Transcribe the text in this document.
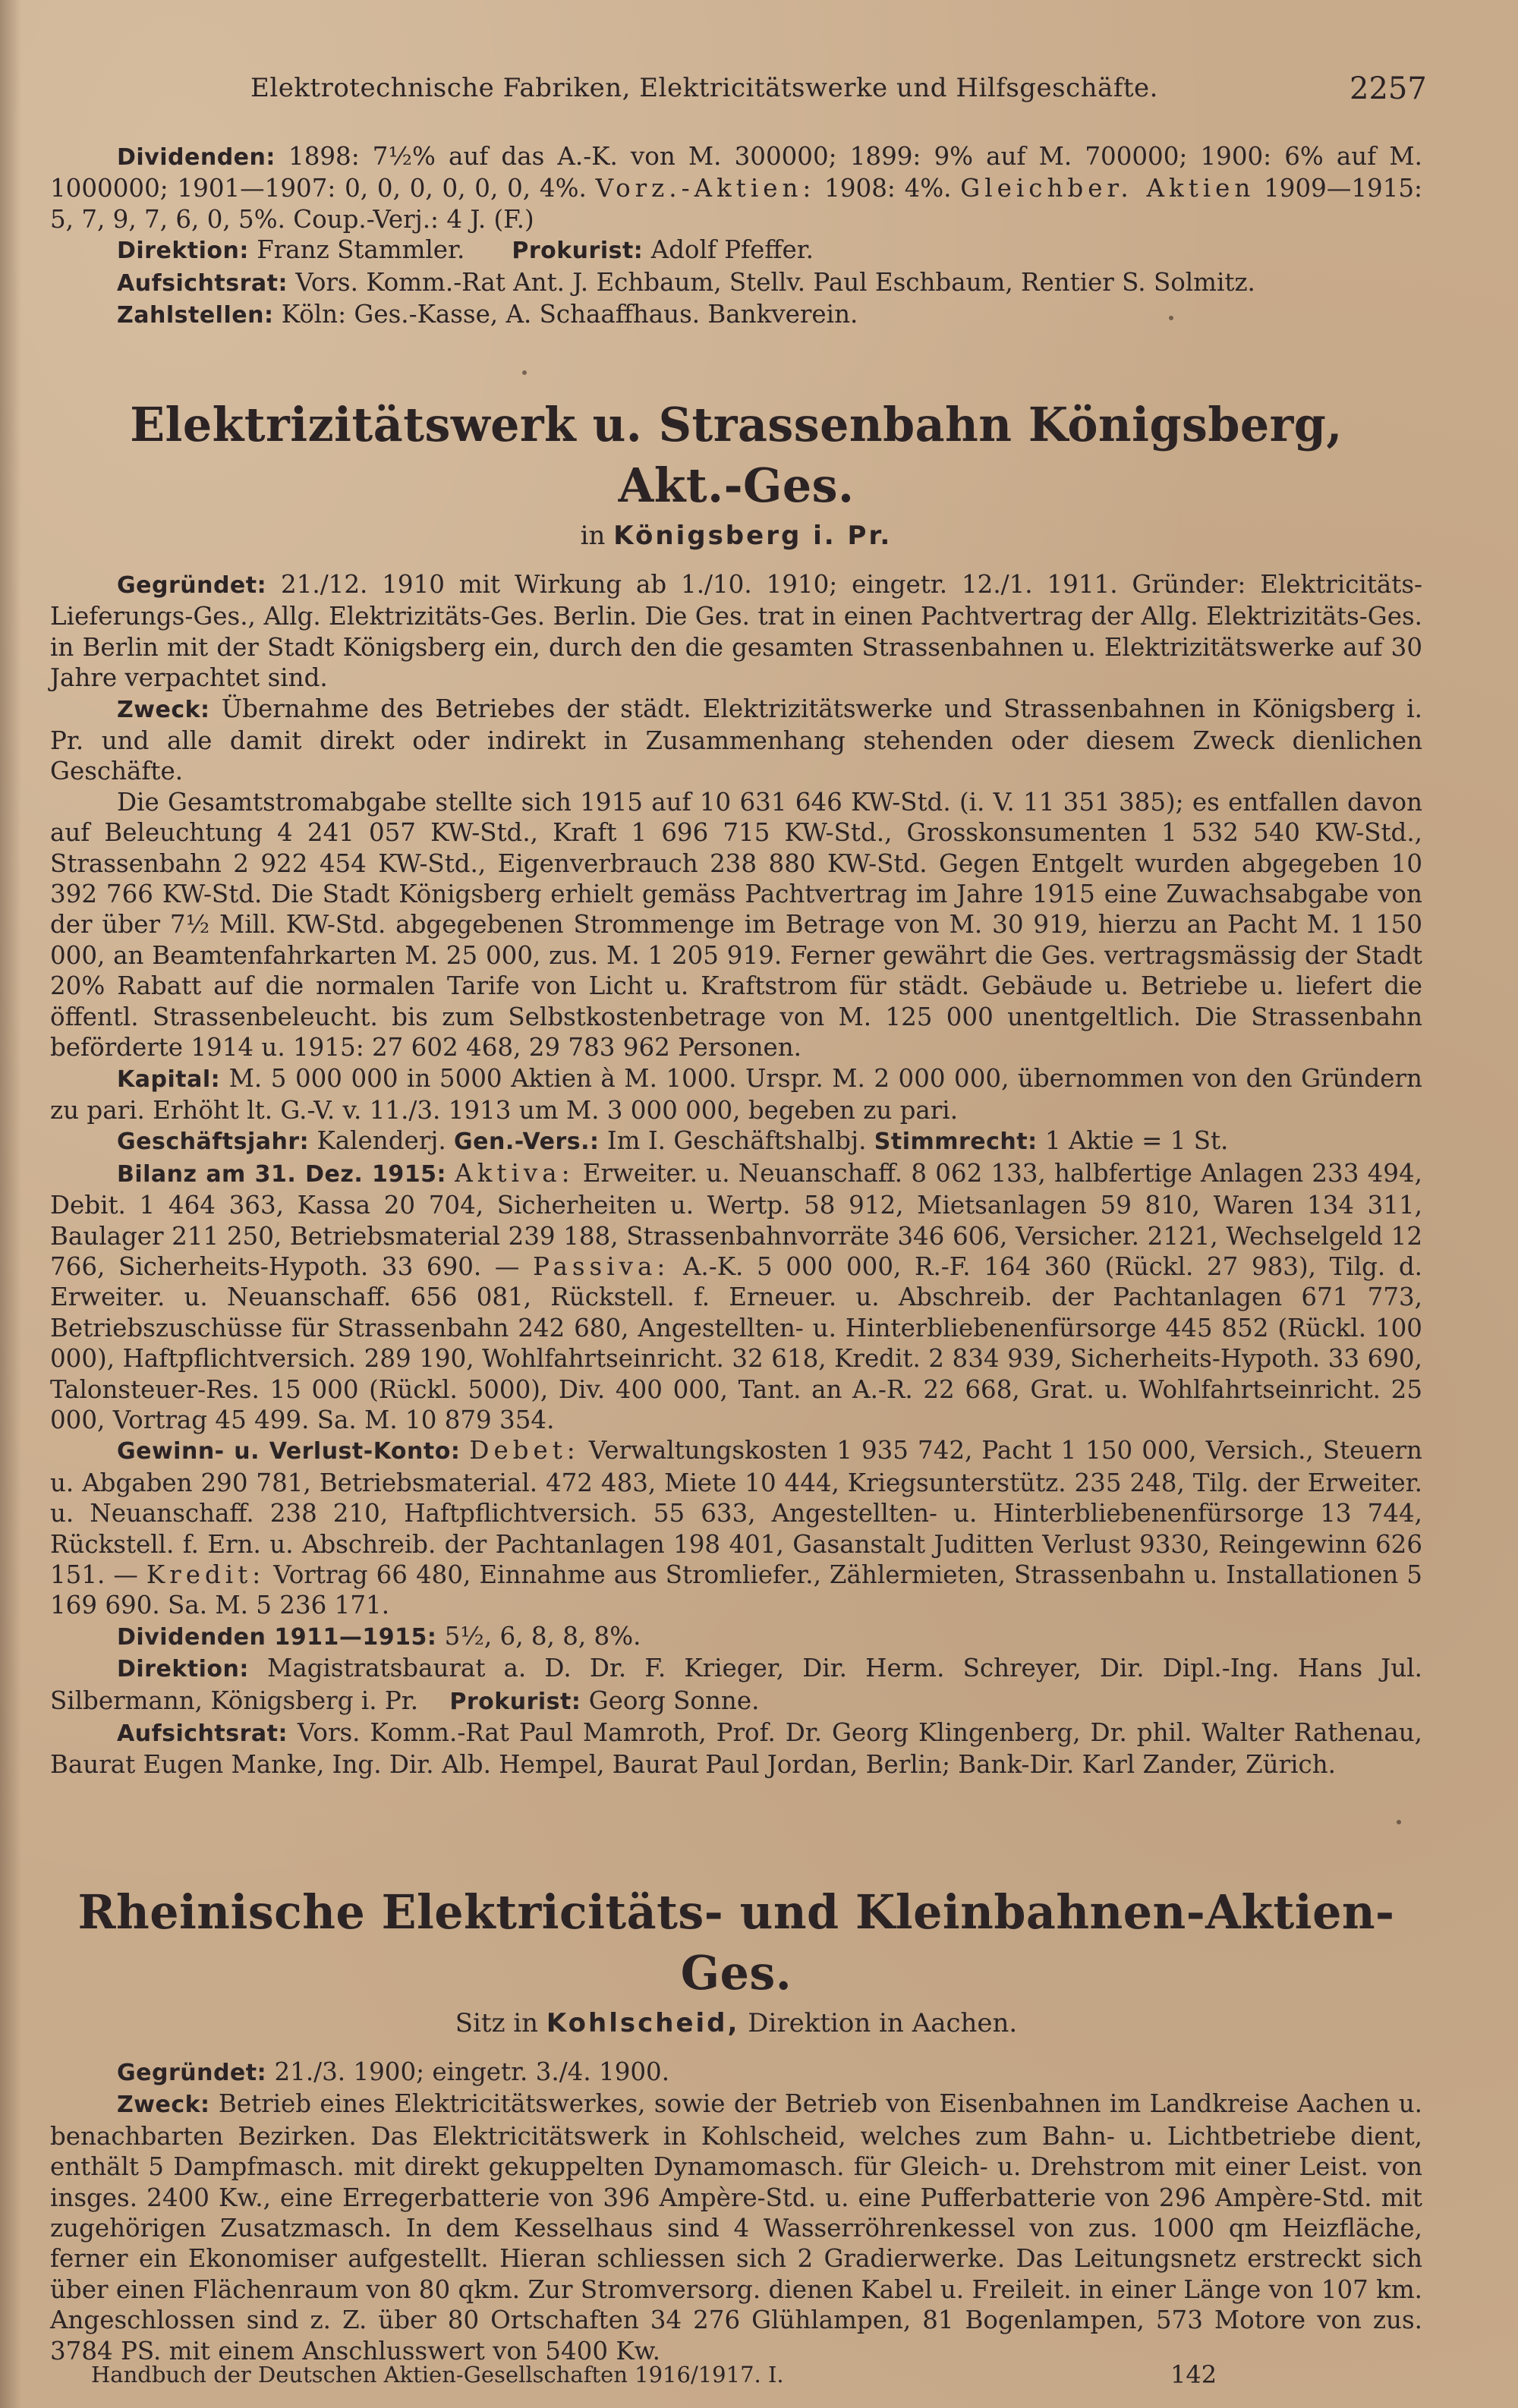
Elektrotechnische Fabriken, Elektricitätswerke und Hilfsgeschäfte.	2257

Dividenden: 1898: 7½% auf das A.-K. von M. 300000; 1899: 9% auf M. 700000; 1900: 6% auf M. 1000000; 1901—1907: 0, 0, 0, 0, 0, 0, 4%. Vorz.-Aktien: 1908: 4%. Gleichber. Aktien 1909—1915: 5, 7, 9, 7, 6, 0, 5%. Coup.-Verj.: 4 J. (F.)

Direktion: Franz Stammler. Prokurist: Adolf Pfeffer.

Aufsichtsrat: Vors. Komm.-Rat Ant. J. Echbaum, Stellv. Paul Eschbaum, Rentier S. Solmitz.

Zahlstellen: Köln: Ges.-Kasse, A. Schaaffhaus. Bankverein.

Elektrizitätswerk u. Strassenbahn Königsberg, Akt.-Ges.
in Königsberg i. Pr.

Gegründet: 21./12. 1910 mit Wirkung ab 1./10. 1910; eingetr. 12./1. 1911. Gründer: Elektricitäts-Lieferungs-Ges., Allg. Elektrizitäts-Ges. Berlin. Die Ges. trat in einen Pachtvertrag der Allg. Elektrizitäts-Ges. in Berlin mit der Stadt Königsberg ein, durch den die gesamten Strassenbahnen u. Elektrizitätswerke auf 30 Jahre verpachtet sind.

Zweck: Übernahme des Betriebes der städt. Elektrizitätswerke und Strassenbahnen in Königsberg i. Pr. und alle damit direkt oder indirekt in Zusammenhang stehenden oder diesem Zweck dienlichen Geschäfte.

Die Gesamtstromabgabe stellte sich 1915 auf 10 631 646 KW-Std. (i. V. 11 351 385); es entfallen davon auf Beleuchtung 4 241 057 KW-Std., Kraft 1 696 715 KW-Std., Grosskonsumenten 1 532 540 KW-Std., Strassenbahn 2 922 454 KW-Std., Eigenverbrauch 238 880 KW-Std. Gegen Entgelt wurden abgegeben 10 392 766 KW-Std. Die Stadt Königsberg erhielt gemäss Pachtvertrag im Jahre 1915 eine Zuwachsabgabe von der über 7½ Mill. KW-Std. abgegebenen Strommenge im Betrage von M. 30 919, hierzu an Pacht M. 1 150 000, an Beamtenfahrkarten M. 25 000, zus. M. 1 205 919. Ferner gewährt die Ges. vertragsmässig der Stadt 20% Rabatt auf die normalen Tarife von Licht u. Kraftstrom für städt. Gebäude u. Betriebe u. liefert die öffentl. Strassenbeleucht. bis zum Selbstkostenbetrage von M. 125 000 unentgeltlich. Die Strassenbahn beförderte 1914 u. 1915: 27 602 468, 29 783 962 Personen.

Kapital: M. 5 000 000 in 5000 Aktien à M. 1000. Urspr. M. 2 000 000, übernommen von den Gründern zu pari. Erhöht lt. G.-V. v. 11./3. 1913 um M. 3 000 000, begeben zu pari.

Geschäftsjahr: Kalenderj. Gen.-Vers.: Im I. Geschäftshalbj. Stimmrecht: 1 Aktie = 1 St.

Bilanz am 31. Dez. 1915: Aktiva: Erweiter. u. Neuanschaff. 8 062 133, halbfertige Anlagen 233 494, Debit. 1 464 363, Kassa 20 704, Sicherheiten u. Wertp. 58 912, Mietsanlagen 59 810, Waren 134 311, Baulager 211 250, Betriebsmaterial 239 188, Strassenbahnvorräte 346 606, Versicher. 2121, Wechselgeld 12 766, Sicherheits-Hypoth. 33 690. — Passiva: A.-K. 5 000 000, R.-F. 164 360 (Rückl. 27 983), Tilg. d. Erweiter. u. Neuanschaff. 656 081, Rückstell. f. Erneuer. u. Abschreib. der Pachtanlagen 671 773, Betriebszuschüsse für Strassenbahn 242 680, Angestellten- u. Hinterbliebenenfürsorge 445 852 (Rückl. 100 000), Haftpflichtversich. 289 190, Wohlfahrtseinricht. 32 618, Kredit. 2 834 939, Sicherheits-Hypoth. 33 690, Talonsteuer-Res. 15 000 (Rückl. 5000), Div. 400 000, Tant. an A.-R. 22 668, Grat. u. Wohlfahrtseinricht. 25 000, Vortrag 45 499. Sa. M. 10 879 354.

Gewinn- u. Verlust-Konto: Debet: Verwaltungskosten 1 935 742, Pacht 1 150 000, Versich., Steuern u. Abgaben 290 781, Betriebsmaterial. 472 483, Miete 10 444, Kriegsunterstütz. 235 248, Tilg. der Erweiter. u. Neuanschaff. 238 210, Haftpflichtversich. 55 633, Angestellten- u. Hinterbliebenenfürsorge 13 744, Rückstell. f. Ern. u. Abschreib. der Pachtanlagen 198 401, Gasanstalt Juditten Verlust 9330, Reingewinn 626 151. — Kredit: Vortrag 66 480, Einnahme aus Stromliefer., Zählermieten, Strassenbahn u. Installationen 5 169 690. Sa. M. 5 236 171.

Dividenden 1911—1915: 5½, 6, 8, 8, 8%.

Direktion: Magistratsbaurat a. D. Dr. F. Krieger, Dir. Herm. Schreyer, Dir. Dipl.-Ing. Hans Jul. Silbermann, Königsberg i. Pr. Prokurist: Georg Sonne.

Aufsichtsrat: Vors. Komm.-Rat Paul Mamroth, Prof. Dr. Georg Klingenberg, Dr. phil. Walter Rathenau, Baurat Eugen Manke, Ing. Dir. Alb. Hempel, Baurat Paul Jordan, Berlin; Bank-Dir. Karl Zander, Zürich.

Rheinische Elektricitäts- und Kleinbahnen-Aktien-Ges.
Sitz in Kohlscheid, Direktion in Aachen.

Gegründet: 21./3. 1900; eingetr. 3./4. 1900.

Zweck: Betrieb eines Elektricitätswerkes, sowie der Betrieb von Eisenbahnen im Landkreise Aachen u. benachbarten Bezirken. Das Elektricitätswerk in Kohlscheid, welches zum Bahn- u. Lichtbetriebe dient, enthält 5 Dampfmasch. mit direkt gekuppelten Dynamomasch. für Gleich- u. Drehstrom mit einer Leist. von insges. 2400 Kw., eine Erregerbatterie von 396 Ampère-Std. u. eine Pufferbatterie von 296 Ampère-Std. mit zugehörigen Zusatzmasch. In dem Kesselhaus sind 4 Wasserröhrenkessel von zus. 1000 qm Heizfläche, ferner ein Ekonomiser aufgestellt. Hieran schliessen sich 2 Gradierwerke. Das Leitungsnetz erstreckt sich über einen Flächenraum von 80 qkm. Zur Stromversorg. dienen Kabel u. Freileit. in einer Länge von 107 km. Angeschlossen sind z. Z. über 80 Ortschaften 34 276 Glühlampen, 81 Bogenlampen, 573 Motore von zus. 3784 PS. mit einem Anschlusswert von 5400 Kw.

Handbuch der Deutschen Aktien-Gesellschaften 1916/1917. I.	142
